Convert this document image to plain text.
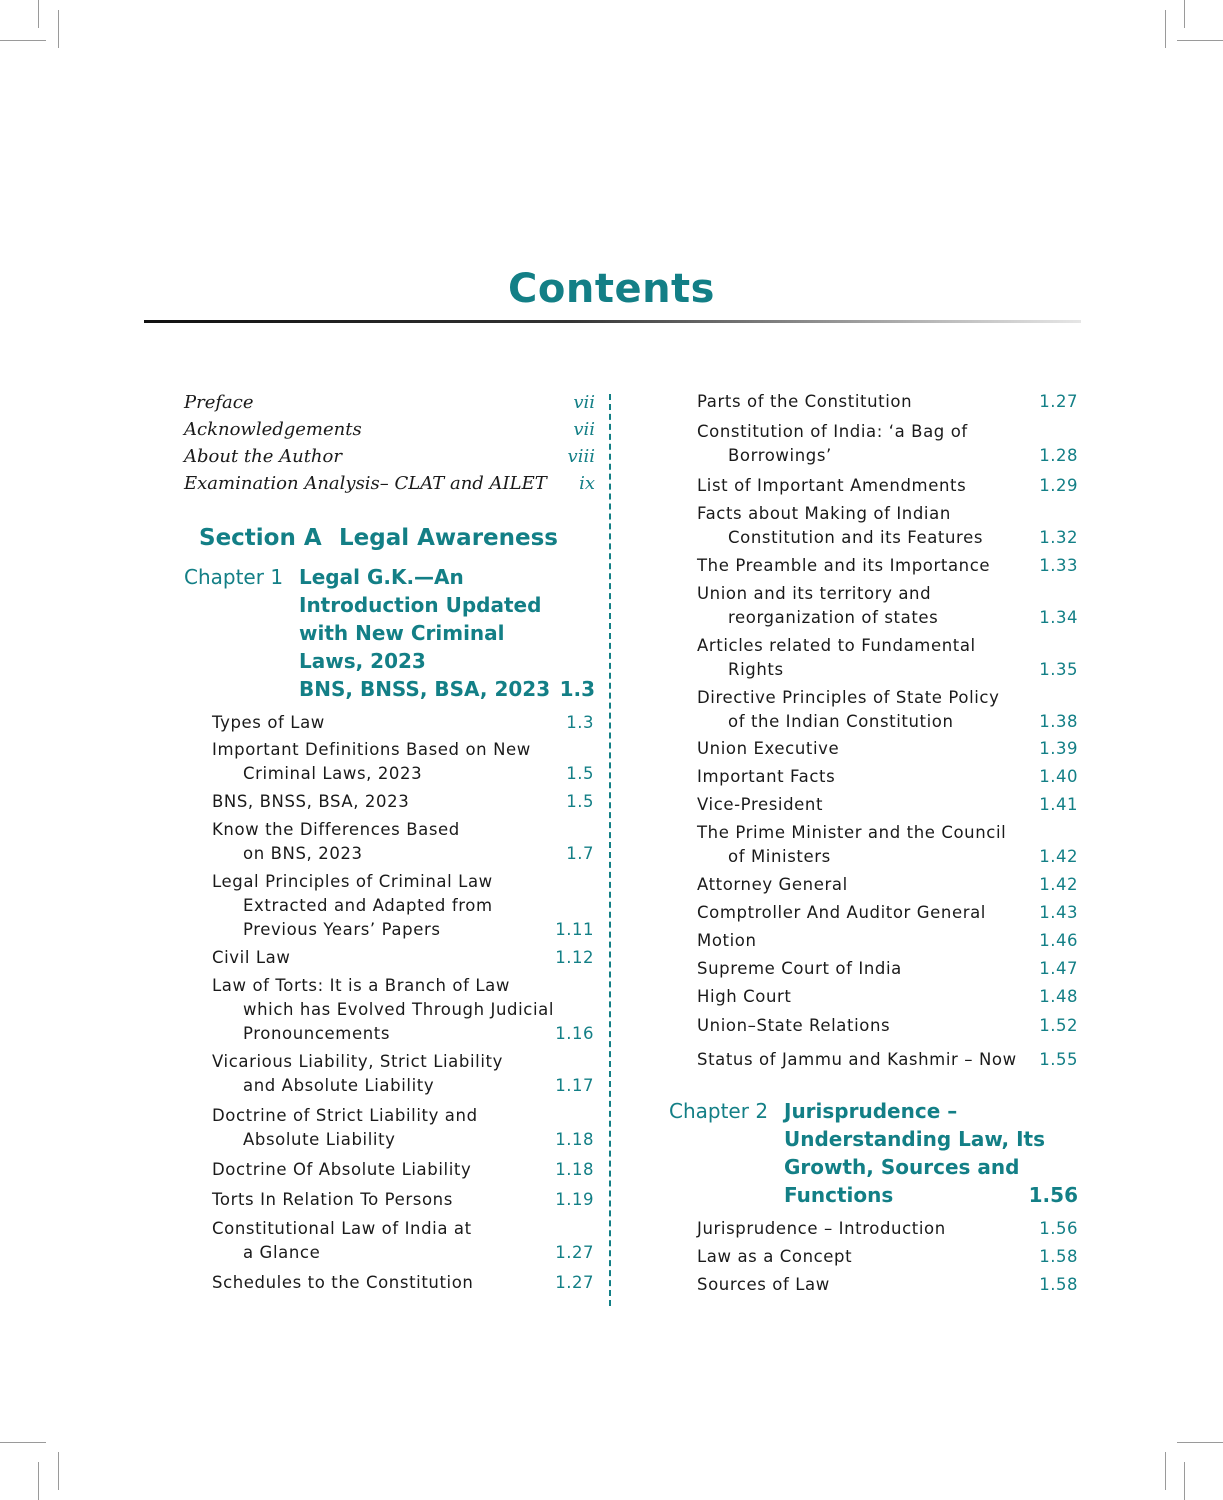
Contents
Preface	vii
Acknowledgements	vii
About the Author	viii
Examination Analysis– CLAT and AILET	ix
Section A Legal Awareness
Chapter 1 Legal G.K.—An
Introduction Updated
with New Criminal
Laws, 2023
BNS, BNSS, BSA, 2023 1.3
Types of Law	1.3
Important Definitions Based on New
Criminal Laws, 2023	1.5
BNS, BNSS, BSA, 2023	1.5
Know the Differences Based
on BNS, 2023	1.7
Legal Principles of Criminal Law
Extracted and Adapted from
Previous Years’ Papers	1.11
Civil Law	1.12
Law of Torts: It is a Branch of Law
which has Evolved Through Judicial
Pronouncements	1.16
Vicarious Liability, Strict Liability
and Absolute Liability	1.17
Doctrine of Strict Liability and
Absolute Liability	1.18
Doctrine Of Absolute Liability	1.18
Torts In Relation To Persons	1.19
Constitutional Law of India at
a Glance	1.27
Schedules to the Constitution	1.27
Parts of the Constitution	1.27
Constitution of India: ‘a Bag of
Borrowings’	1.28
List of Important Amendments	1.29
Facts about Making of Indian
Constitution and its Features	1.32
The Preamble and its Importance	1.33
Union and its territory and
reorganization of states	1.34
Articles related to Fundamental
Rights	1.35
Directive Principles of State Policy
of the Indian Constitution	1.38
Union Executive	1.39
Important Facts	1.40
Vice-President	1.41
The Prime Minister and the Council
of Ministers	1.42
Attorney General	1.42
Comptroller And Auditor General	1.43
Motion	1.46
Supreme Court of India	1.47
High Court	1.48
Union–State Relations	1.52
Status of Jammu and Kashmir – Now	1.55
Chapter 2 Jurisprudence –
Understanding Law, Its
Growth, Sources and
Functions	1.56
Jurisprudence – Introduction	1.56
Law as a Concept	1.58
Sources of Law	1.58
